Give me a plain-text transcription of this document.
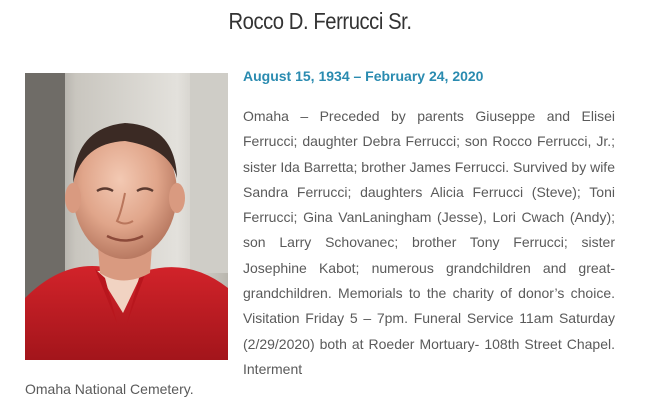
Rocco D. Ferrucci Sr.

August 15, 1934 – February 24, 2020

Omaha – Preceded by parents Giuseppe and Elisei Ferrucci; daughter Debra Ferrucci; son Rocco Ferrucci, Jr.; sister Ida Barretta; brother James Ferrucci. Survived by wife Sandra Ferrucci; daughters Alicia Ferrucci (Steve); Toni Ferrucci; Gina VanLaningham (Jesse), Lori Cwach (Andy); son Larry Schovanec; brother Tony Ferrucci; sister Josephine Kabot; numerous grandchildren and great-grandchildren. Memorials to the charity of donor’s choice. Visitation Friday 5 – 7pm. Funeral Service 11am Saturday (2/29/2020) both at Roeder Mortuary- 108th Street Chapel. Interment

Omaha National Cemetery.
